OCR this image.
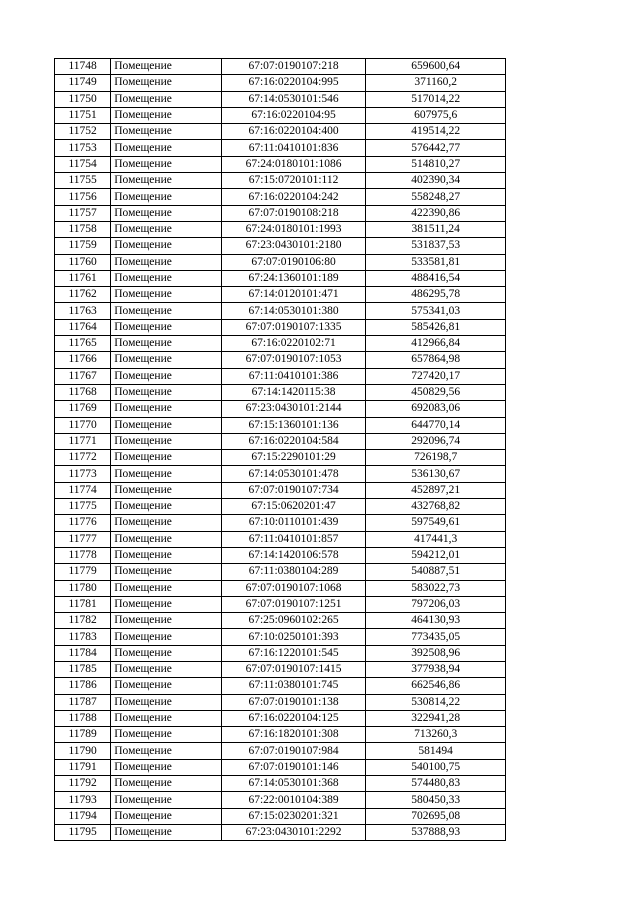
11748	Помещение	67:07:0190107:218	659600,64
11749	Помещение	67:16:0220104:995	371160,2
11750	Помещение	67:14:0530101:546	517014,22
11751	Помещение	67:16:0220104:95	607975,6
11752	Помещение	67:16:0220104:400	419514,22
11753	Помещение	67:11:0410101:836	576442,77
11754	Помещение	67:24:0180101:1086	514810,27
11755	Помещение	67:15:0720101:112	402390,34
11756	Помещение	67:16:0220104:242	558248,27
11757	Помещение	67:07:0190108:218	422390,86
11758	Помещение	67:24:0180101:1993	381511,24
11759	Помещение	67:23:0430101:2180	531837,53
11760	Помещение	67:07:0190106:80	533581,81
11761	Помещение	67:24:1360101:189	488416,54
11762	Помещение	67:14:0120101:471	486295,78
11763	Помещение	67:14:0530101:380	575341,03
11764	Помещение	67:07:0190107:1335	585426,81
11765	Помещение	67:16:0220102:71	412966,84
11766	Помещение	67:07:0190107:1053	657864,98
11767	Помещение	67:11:0410101:386	727420,17
11768	Помещение	67:14:1420115:38	450829,56
11769	Помещение	67:23:0430101:2144	692083,06
11770	Помещение	67:15:1360101:136	644770,14
11771	Помещение	67:16:0220104:584	292096,74
11772	Помещение	67:15:2290101:29	726198,7
11773	Помещение	67:14:0530101:478	536130,67
11774	Помещение	67:07:0190107:734	452897,21
11775	Помещение	67:15:0620201:47	432768,82
11776	Помещение	67:10:0110101:439	597549,61
11777	Помещение	67:11:0410101:857	417441,3
11778	Помещение	67:14:1420106:578	594212,01
11779	Помещение	67:11:0380104:289	540887,51
11780	Помещение	67:07:0190107:1068	583022,73
11781	Помещение	67:07:0190107:1251	797206,03
11782	Помещение	67:25:0960102:265	464130,93
11783	Помещение	67:10:0250101:393	773435,05
11784	Помещение	67:16:1220101:545	392508,96
11785	Помещение	67:07:0190107:1415	377938,94
11786	Помещение	67:11:0380101:745	662546,86
11787	Помещение	67:07:0190101:138	530814,22
11788	Помещение	67:16:0220104:125	322941,28
11789	Помещение	67:16:1820101:308	713260,3
11790	Помещение	67:07:0190107:984	581494
11791	Помещение	67:07:0190101:146	540100,75
11792	Помещение	67:14:0530101:368	574480,83
11793	Помещение	67:22:0010104:389	580450,33
11794	Помещение	67:15:0230201:321	702695,08
11795	Помещение	67:23:0430101:2292	537888,93
